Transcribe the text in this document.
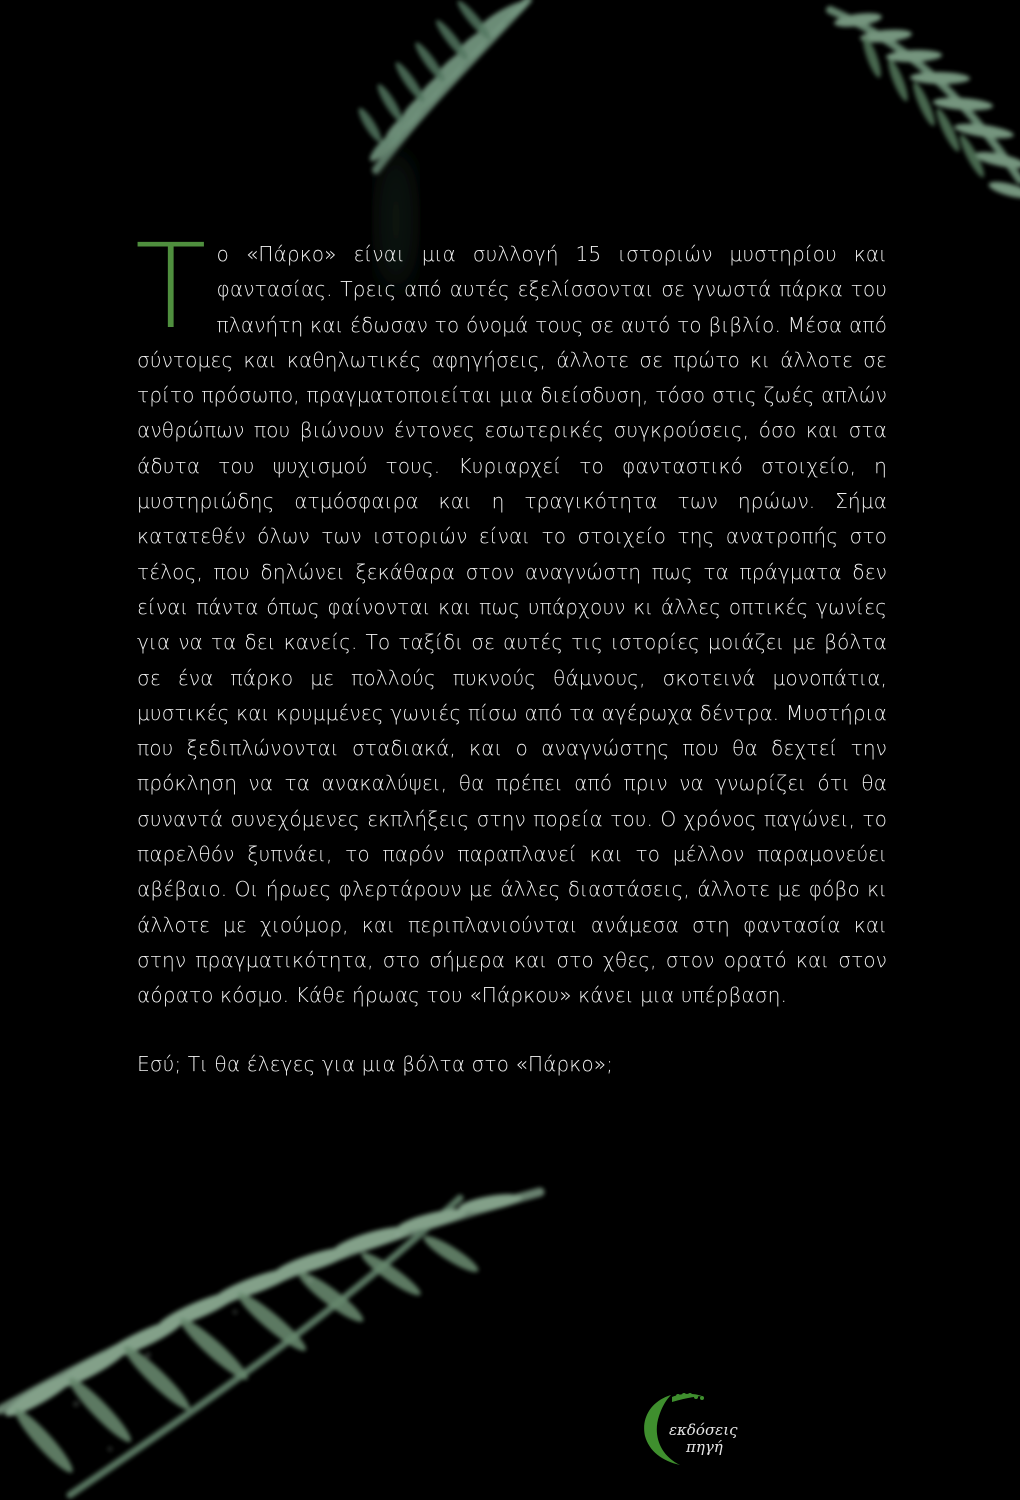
Τ ο «Πάρκο» είναι μια συλλογή 15 ιστοριών μυστηρίου και φαντασίας. Τρεις από αυτές εξελίσσονται σε γνωστά πάρκα του πλανήτη και έδωσαν το όνομά τους σε αυτό το βιβλίο. Μέσα από σύντομες και καθηλωτικές αφηγήσεις, άλλοτε σε πρώτο κι άλλοτε σε τρίτο πρόσωπο, πραγματοποιείται μια διείσδυση, τόσο στις ζωές απλών ανθρώπων που βιώνουν έντονες εσωτερικές συγκρούσεις, όσο και στα άδυτα του ψυχισμού τους. Κυριαρχεί το φανταστικό στοιχείο, η μυστηριώδης ατμόσφαιρα και η τραγικότητα των ηρώων. Σήμα κατατεθέν όλων των ιστοριών είναι το στοιχείο της ανατροπής στο τέλος, που δηλώνει ξεκάθαρα στον αναγνώστη πως τα πράγματα δεν είναι πάντα όπως φαίνονται και πως υπάρχουν κι άλλες οπτικές γωνίες για να τα δει κανείς. Το ταξίδι σε αυτές τις ιστορίες μοιάζει με βόλτα σε ένα πάρκο με πολλούς πυκνούς θάμνους, σκοτεινά μονοπάτια, μυστικές και κρυμμένες γωνιές πίσω από τα αγέρωχα δέντρα. Μυστήρια που ξεδιπλώνονται σταδιακά, και ο αναγνώστης που θα δεχτεί την πρόκληση να τα ανακαλύψει, θα πρέπει από πριν να γνωρίζει ότι θα συναντά συνεχόμενες εκπλήξεις στην πορεία του. Ο χρόνος παγώνει, το παρελθόν ξυπνάει, το παρόν παραπλανεί και το μέλλον παραμονεύει αβέβαιο. Οι ήρωες φλερτάρουν με άλλες διαστάσεις, άλλοτε με φόβο κι άλλοτε με χιούμορ, και περιπλανιούνται ανάμεσα στη φαντασία και στην πραγματικότητα, στο σήμερα και στο χθες, στον ορατό και στον αόρατο κόσμο. Κάθε ήρωας του «Πάρκου» κάνει μια υπέρβαση.

Εσύ; Τι θα έλεγες για μια βόλτα στο «Πάρκο»;

εκδόσεις
πηγή
